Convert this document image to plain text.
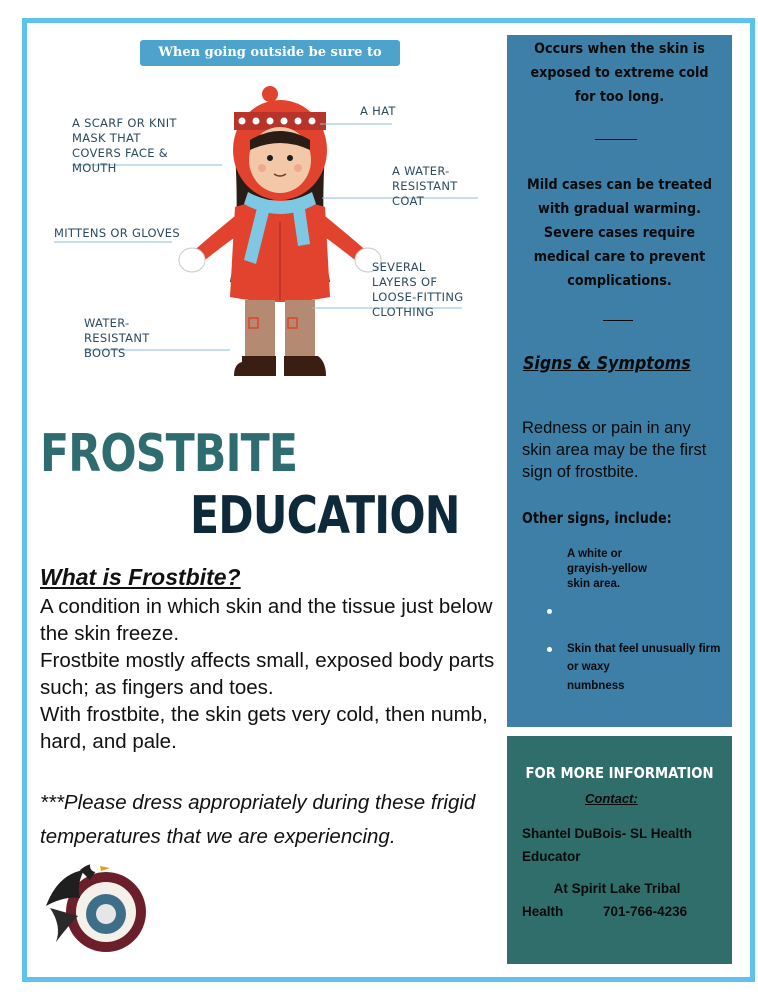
When going outside be sure to wear:
A HAT
A SCARF OR KNIT MASK THAT COVERS FACE & MOUTH	A WATER-RESISTANT COAT
MITTENS OR GLOVES
SEVERAL LAYERS OF LOOSE-FITTING CLOTHING
WATER-RESISTANT BOOTS
FROSTBITE
EDUCATION
What is Frostbite?
A condition in which skin and the tissue just below the skin freeze.
Frostbite mostly affects small, exposed body parts such; as fingers and toes.
With frostbite, the skin gets very cold, then numb, hard, and pale.
***Please dress appropriately during these frigid temperatures that we are experiencing.
Occurs when the skin is exposed to extreme cold for too long.
Mild cases can be treated with gradual warming. Severe cases require medical care to prevent complications.
Signs & Symptoms
Redness or pain in any skin area may be the first sign of frostbite.
Other signs, include:
A white or grayish-yellow skin area.
Skin that feel unusually firm or waxy
numbness
FOR MORE INFORMATION
Contact:
Shantel DuBois- SL Health Educator
At Spirit Lake Tribal
Health	701-766-4236
